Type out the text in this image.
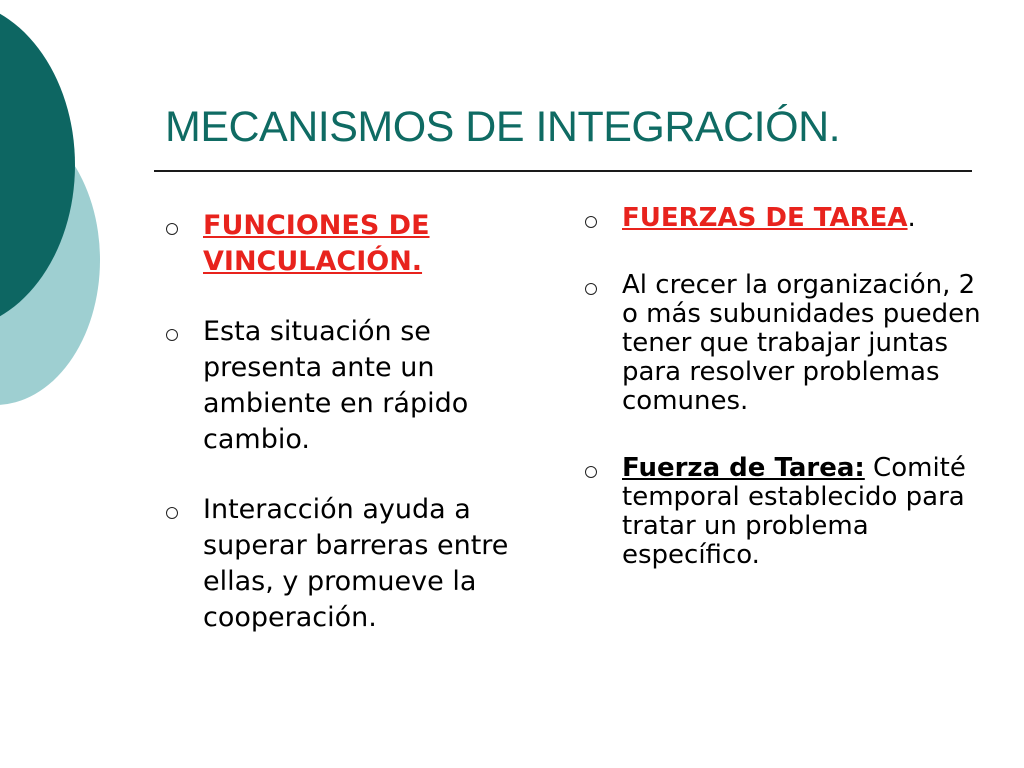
MECANISMOS DE INTEGRACIÓN.
FUNCIONES DE VINCULACIÓN.
Esta situación se presenta ante un ambiente en rápido cambio.
Interacción ayuda a superar barreras entre ellas, y promueve la cooperación.
FUERZAS DE TAREA.
Al crecer la organización, 2 o más subunidades pueden tener que trabajar juntas para resolver problemas comunes.
Fuerza de Tarea: Comité temporal establecido para tratar un problema específico.
